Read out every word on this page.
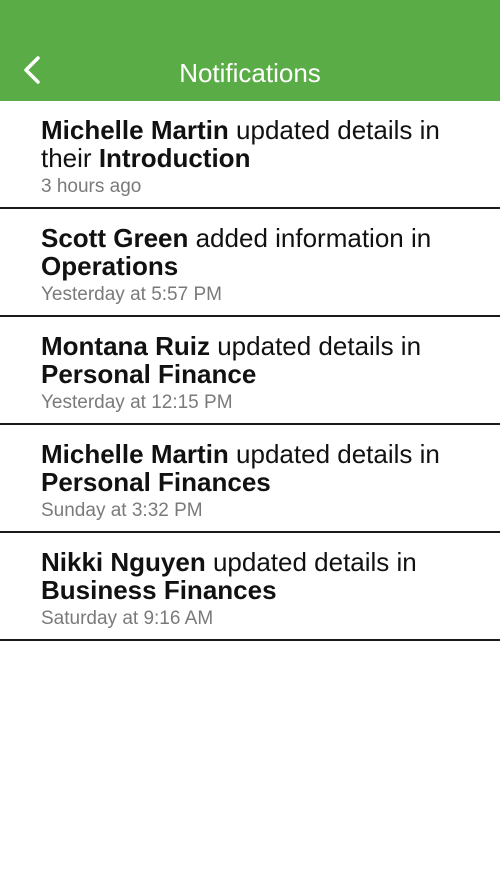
Notifications
Michelle Martin updated details in their Introduction
3 hours ago
Scott Green added information in Operations
Yesterday at 5:57 PM
Montana Ruiz updated details in Personal Finance
Yesterday at 12:15 PM
Michelle Martin updated details in Personal Finances
Sunday at 3:32 PM
Nikki Nguyen updated details in Business Finances
Saturday at 9:16 AM
